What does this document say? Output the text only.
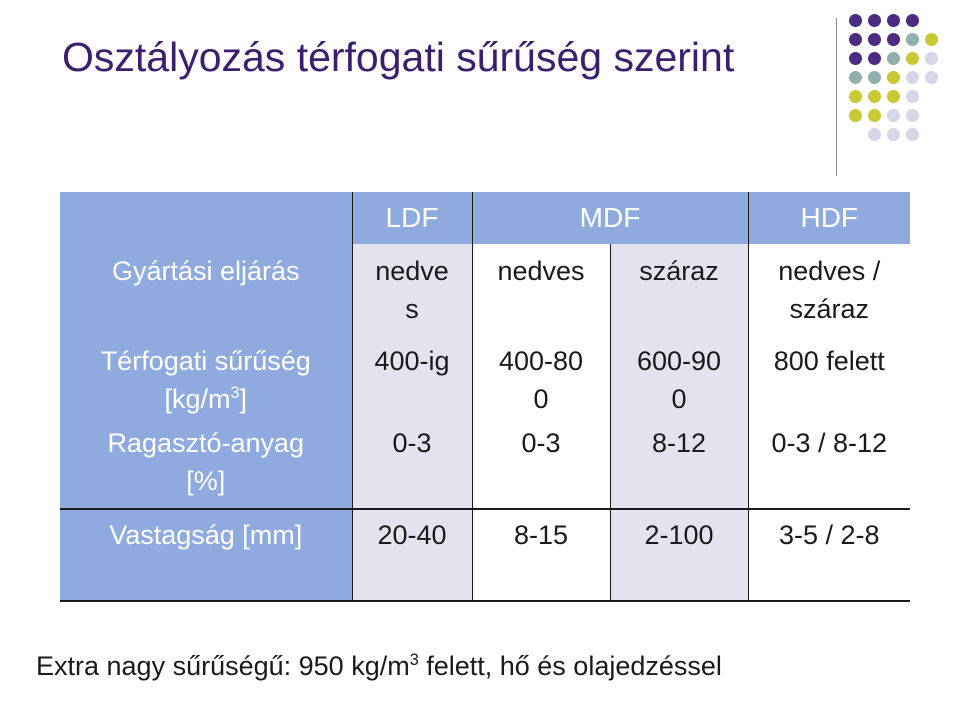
Osztályozás térfogati sűrűség szerint
	LDF	MDF		HDF
Gyártási eljárás	nedve s	nedves	száraz	nedves / száraz

Térfogati sűrűség
$[kg/m^3]$	400-ig	400-80 0	600-90 0	800 felett

Ragasztó-anyag
[%]	0-3	0-3	8-12	0-3 / 8-12
Vastagság [mm]	20-40	8-15	2-100	3-5 / 2-8
Extra nagy sűrűségű: 950 $kg/m^3$ felett, hő és olajedzéssel
